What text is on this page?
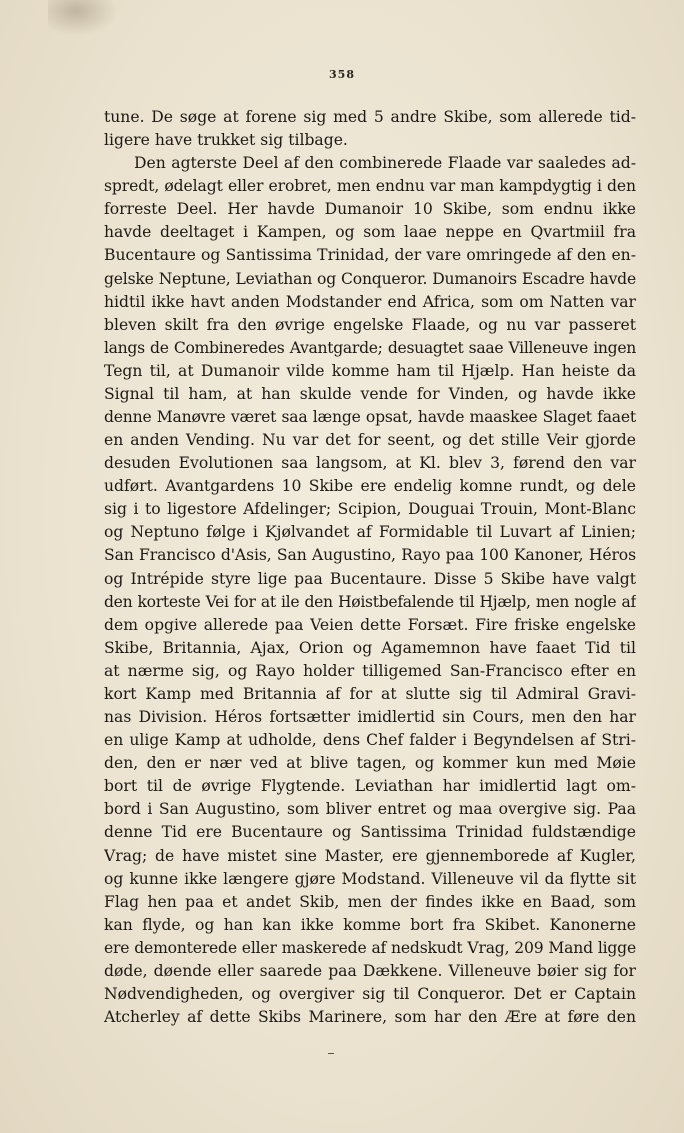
358
tune. De søge at forene sig med 5 andre Skibe, som allerede tid-
ligere have trukket sig tilbage.
Den agterste Deel af den combinerede Flaade var saaledes ad-
spredt, ødelagt eller erobret, men endnu var man kampdygtig i den
forreste Deel. Her havde Dumanoir 10 Skibe, som endnu ikke
havde deeltaget i Kampen, og som laae neppe en Qvartmiil fra
Bucentaure og Santissima Trinidad, der vare omringede af den en-
gelske Neptune, Leviathan og Conqueror. Dumanoirs Escadre havde
hidtil ikke havt anden Modstander end Africa, som om Natten var
bleven skilt fra den øvrige engelske Flaade, og nu var passeret
langs de Combineredes Avantgarde; desuagtet saae Villeneuve ingen
Tegn til, at Dumanoir vilde komme ham til Hjælp. Han heiste da
Signal til ham, at han skulde vende for Vinden, og havde ikke
denne Manøvre været saa længe opsat, havde maaskee Slaget faaet
en anden Vending. Nu var det for seent, og det stille Veir gjorde
desuden Evolutionen saa langsom, at Kl. blev 3, førend den var
udført. Avantgardens 10 Skibe ere endelig komne rundt, og dele
sig i to ligestore Afdelinger; Scipion, Douguai Trouin, Mont-Blanc
og Neptuno følge i Kjølvandet af Formidable til Luvart af Linien;
San Francisco d'Asis, San Augustino, Rayo paa 100 Kanoner, Héros
og Intrépide styre lige paa Bucentaure. Disse 5 Skibe have valgt
den korteste Vei for at ile den Høistbefalende til Hjælp, men nogle af
dem opgive allerede paa Veien dette Forsæt. Fire friske engelske
Skibe, Britannia, Ajax, Orion og Agamemnon have faaet Tid til
at nærme sig, og Rayo holder tilligemed San-Francisco efter en
kort Kamp med Britannia af for at slutte sig til Admiral Gravi-
nas Division. Héros fortsætter imidlertid sin Cours, men den har
en ulige Kamp at udholde, dens Chef falder i Begyndelsen af Stri-
den, den er nær ved at blive tagen, og kommer kun med Møie
bort til de øvrige Flygtende. Leviathan har imidlertid lagt om-
bord i San Augustino, som bliver entret og maa overgive sig. Paa
denne Tid ere Bucentaure og Santissima Trinidad fuldstændige
Vrag; de have mistet sine Master, ere gjennemborede af Kugler,
og kunne ikke længere gjøre Modstand. Villeneuve vil da flytte sit
Flag hen paa et andet Skib, men der findes ikke en Baad, som
kan flyde, og han kan ikke komme bort fra Skibet. Kanonerne
ere demonterede eller maskerede af nedskudt Vrag, 209 Mand ligge
døde, døende eller saarede paa Dækkene. Villeneuve bøier sig for
Nødvendigheden, og overgiver sig til Conqueror. Det er Captain
Atcherley af dette Skibs Marinere, som har den Ære at føre den
